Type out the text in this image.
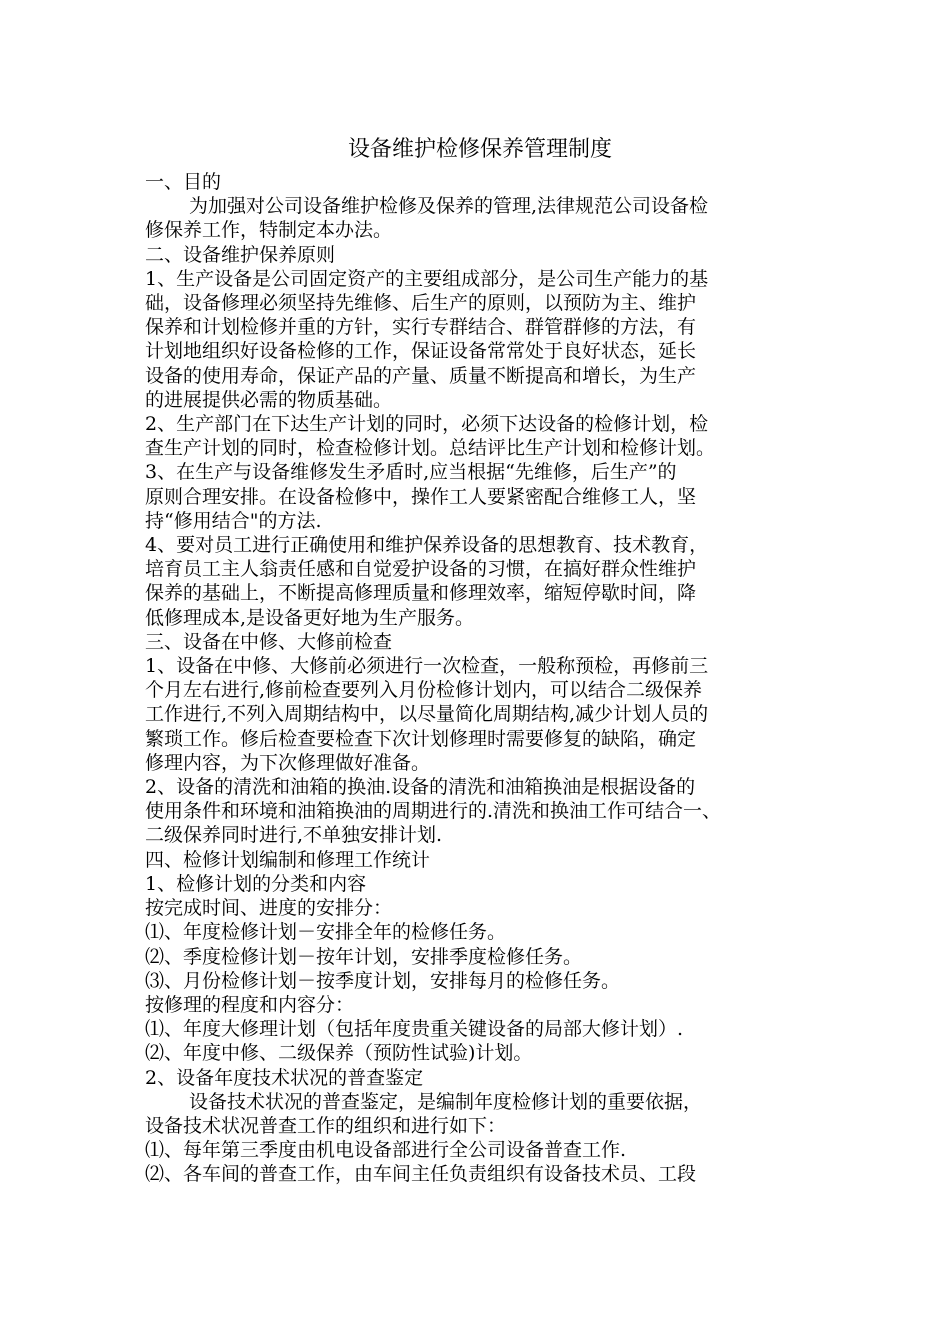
设备维护检修保养管理制度

一、目的

为加强对公司设备维护检修及保养的管理,法律规范公司设备检

修保养工作，特制定本办法。

二、设备维护保养原则

1、生产设备是公司固定资产的主要组成部分，是公司生产能力的基

础，设备修理必须坚持先维修、后生产的原则，以预防为主、维护

保养和计划检修并重的方针，实行专群结合、群管群修的方法，有

计划地组织好设备检修的工作，保证设备常常处于良好状态，延长

设备的使用寿命，保证产品的产量、质量不断提高和增长，为生产

的进展提供必需的物质基础。

2、生产部门在下达生产计划的同时，必须下达设备的检修计划，检

查生产计划的同时，检查检修计划。总结评比生产计划和检修计划。

3、在生产与设备维修发生矛盾时,应当根据“先维修，后生产”的

原则合理安排。在设备检修中，操作工人要紧密配合维修工人，坚

持“修用结合"的方法.

4、要对员工进行正确使用和维护保养设备的思想教育、技术教育，

培育员工主人翁责任感和自觉爱护设备的习惯，在搞好群众性维护

保养的基础上，不断提高修理质量和修理效率，缩短停歇时间，降

低修理成本,是设备更好地为生产服务。

三、设备在中修、大修前检查

1、设备在中修、大修前必须进行一次检查，一般称预检，再修前三

个月左右进行,修前检查要列入月份检修计划内，可以结合二级保养

工作进行,不列入周期结构中，以尽量简化周期结构,减少计划人员的

繁琐工作。修后检查要检查下次计划修理时需要修复的缺陷，确定

修理内容，为下次修理做好准备。

2、设备的清洗和油箱的换油.设备的清洗和油箱换油是根据设备的

使用条件和环境和油箱换油的周期进行的.清洗和换油工作可结合一、

二级保养同时进行,不单独安排计划.

四、检修计划编制和修理工作统计

1、检修计划的分类和内容

按完成时间、进度的安排分：

⑴、年度检修计划－安排全年的检修任务。

⑵、季度检修计划－按年计划，安排季度检修任务。

⑶、月份检修计划－按季度计划，安排每月的检修任务。

按修理的程度和内容分：

⑴、年度大修理计划（包括年度贵重关键设备的局部大修计划）.

⑵、年度中修、二级保养（预防性试验)计划。

2、设备年度技术状况的普查鉴定

设备技术状况的普查鉴定，是编制年度检修计划的重要依据，

设备技术状况普查工作的组织和进行如下：

⑴、每年第三季度由机电设备部进行全公司设备普查工作.

⑵、各车间的普查工作，由车间主任负责组织有设备技术员、工段
